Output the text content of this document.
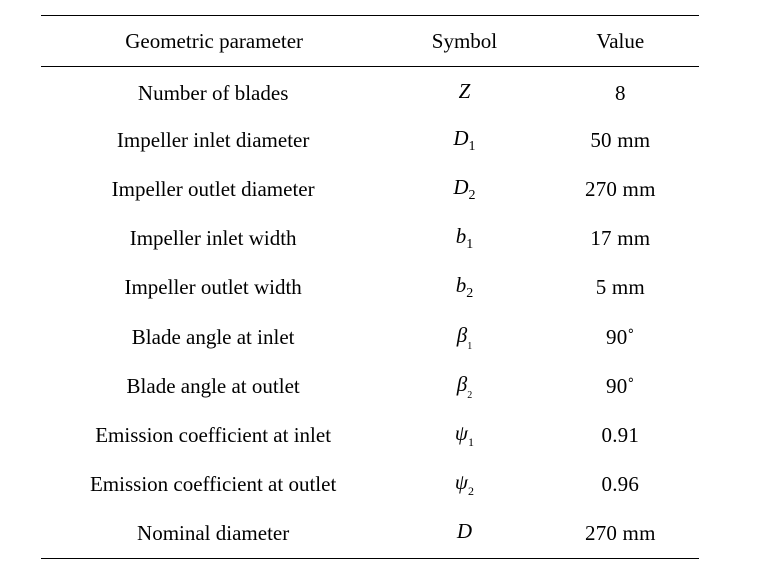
Geometric parameter	Symbol	Value
Number of blades	Z	8
Impeller inlet diameter	$D_1$	50 mm
Impeller outlet diameter	$D_2$	270 mm
Impeller inlet width	$b_1$	17 mm
Impeller outlet width	$b_2$	5 mm
Blade angle at inlet	$\beta_1$	90˚
Blade angle at outlet	$\beta_2$	90˚
Emission coefficient at inlet	$\psi_1$	0.91
Emission coefficient at outlet	$\psi_2$	0.96
Nominal diameter	D	270 mm
